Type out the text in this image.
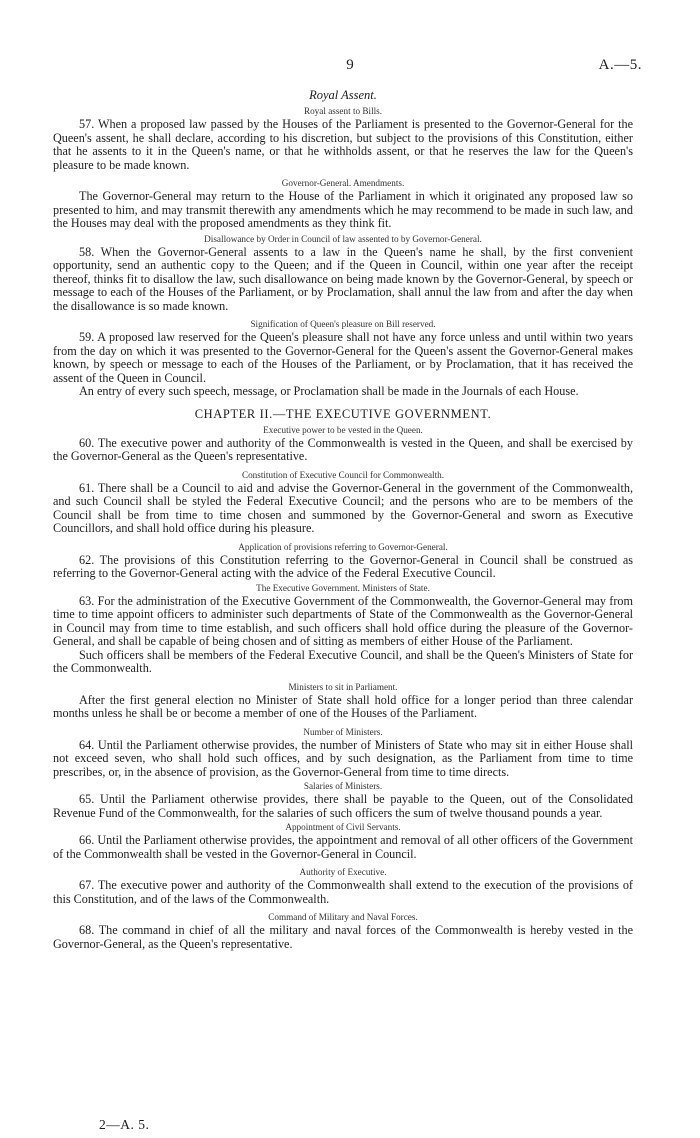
9	A.—5.
Royal Assent.
Royal assent to Bills.

57. When a proposed law passed by the Houses of the Parliament is presented to the Governor-General for the Queen's assent, he shall declare, according to his discretion, but subject to the provisions of this Constitution, either that he assents to it in the Queen's name, or that he withholds assent, or that he reserves the law for the Queen's pleasure to be made known.

Governor-General. Amendments.

The Governor-General may return to the House of the Parliament in which it originated any proposed law so presented to him, and may transmit therewith any amendments which he may recommend to be made in such law, and the Houses may deal with the proposed amendments as they think fit.

Disallowance by Order in Council of law assented to by Governor-General.

58. When the Governor-General assents to a law in the Queen's name he shall, by the first convenient opportunity, send an authentic copy to the Queen; and if the Queen in Council, within one year after the receipt thereof, thinks fit to disallow the law, such disallowance on being made known by the Governor-General, by speech or message to each of the Houses of the Parliament, or by Proclamation, shall annul the law from and after the day when the disallowance is so made known.

Signification of Queen's pleasure on Bill reserved.

59. A proposed law reserved for the Queen's pleasure shall not have any force unless and until within two years from the day on which it was presented to the Governor-General for the Queen's assent the Governor-General makes known, by speech or message to each of the Houses of the Parliament, or by Proclamation, that it has received the assent of the Queen in Council.

An entry of every such speech, message, or Proclamation shall be made in the Journals of each House.

CHAPTER II.—THE EXECUTIVE GOVERNMENT.
Executive power to be vested in the Queen.

60. The executive power and authority of the Commonwealth is vested in the Queen, and shall be exercised by the Governor-General as the Queen's representative.

Constitution of Executive Council for Commonwealth.

61. There shall be a Council to aid and advise the Governor-General in the government of the Commonwealth, and such Council shall be styled the Federal Executive Council; and the persons who are to be members of the Council shall be from time to time chosen and summoned by the Governor-General and sworn as Executive Councillors, and shall hold office during his pleasure.

Application of provisions referring to Governor-General.

62. The provisions of this Constitution referring to the Governor-General in Council shall be construed as referring to the Governor-General acting with the advice of the Federal Executive Council.

The Executive Government. Ministers of State.

63. For the administration of the Executive Government of the Commonwealth, the Governor-General may from time to time appoint officers to administer such departments of State of the Commonwealth as the Governor-General in Council may from time to time establish, and such officers shall hold office during the pleasure of the Governor-General, and shall be capable of being chosen and of sitting as members of either House of the Parliament.

Such officers shall be members of the Federal Executive Council, and shall be the Queen's Ministers of State for the Commonwealth.

Ministers to sit in Parliament.

After the first general election no Minister of State shall hold office for a longer period than three calendar months unless he shall be or become a member of one of the Houses of the Parliament.

Number of Ministers.

64. Until the Parliament otherwise provides, the number of Ministers of State who may sit in either House shall not exceed seven, who shall hold such offices, and by such designation, as the Parliament from time to time prescribes, or, in the absence of provision, as the Governor-General from time to time directs.

Salaries of Ministers.

65. Until the Parliament otherwise provides, there shall be payable to the Queen, out of the Consolidated Revenue Fund of the Commonwealth, for the salaries of such officers the sum of twelve thousand pounds a year.

Appointment of Civil Servants.

66. Until the Parliament otherwise provides, the appointment and removal of all other officers of the Government of the Commonwealth shall be vested in the Governor-General in Council.

Authority of Executive.

67. The executive power and authority of the Commonwealth shall extend to the execution of the provisions of this Constitution, and of the laws of the Commonwealth.

Command of Military and Naval Forces.

68. The command in chief of all the military and naval forces of the Commonwealth is hereby vested in the Governor-General, as the Queen's representative.

2—A. 5.
